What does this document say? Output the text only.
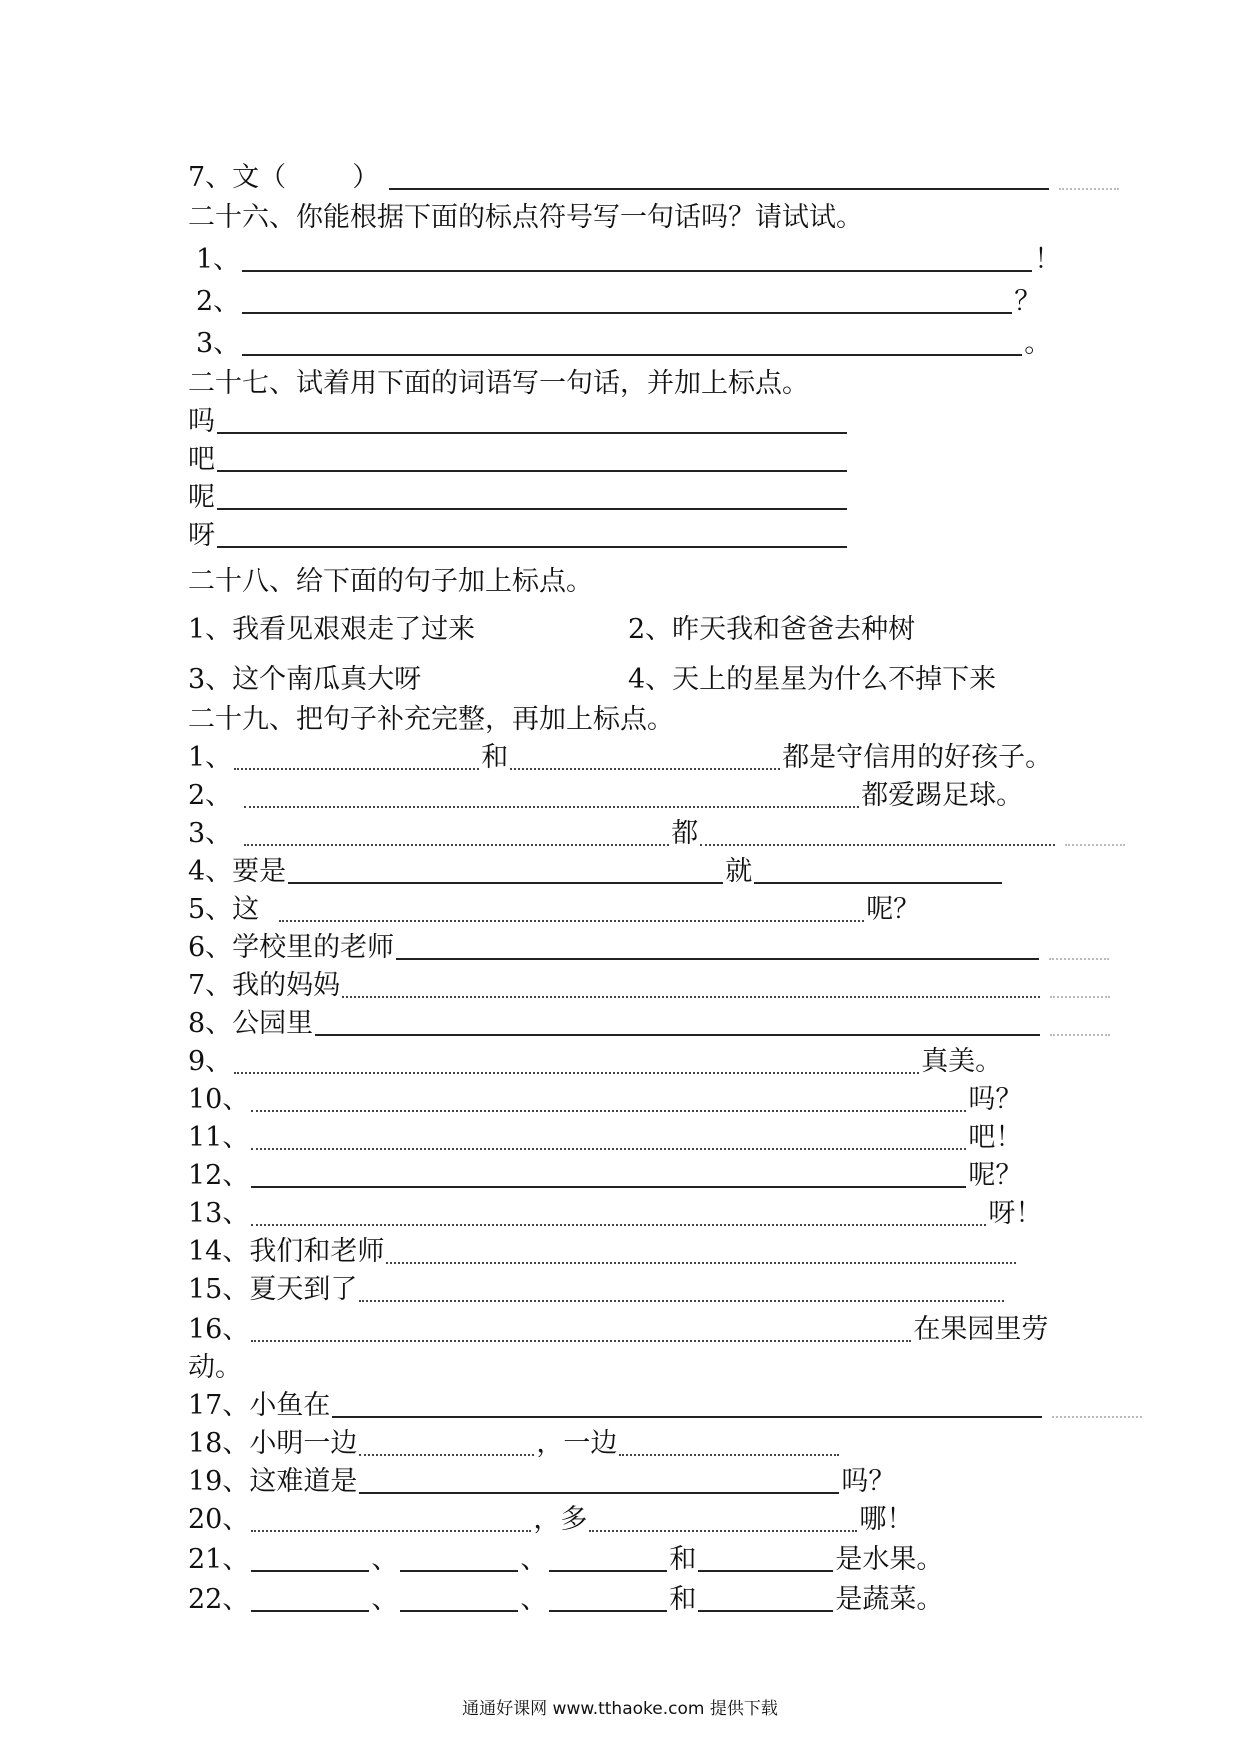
7、文（ ）
二十六、你能根据下面的标点符号写一句话吗？请试试。
1、	！
2、	？
3、	。
二十七、试着用下面的词语写一句话，并加上标点。
吗
吧
呢
呀
二十八、给下面的句子加上标点。
1、我看见艰艰走了过来	2、昨天我和爸爸去种树
3、这个南瓜真大呀	4、天上的星星为什么不掉下来
二十九、把句子补充完整，再加上标点。
1、	和	都是守信用的好孩子。
2、	都爱踢足球。
3、	都
4、要是	就
5、这	呢？
6、学校里的老师
7、我的妈妈
8、公园里
9、	真美。
10、	吗？
11、	吧！
12、	呢？
13、	呀！
14、我们和老师
15、夏天到了
16、	在果园里劳
动。
17、小鱼在
18、小明一边	，一边
19、这难道是	吗？
20、	，多	哪！
21、	、	、	和	是水果。
22、	、	、	和	是蔬菜。
通通好课网 www.tthaoke.com 提供下载
